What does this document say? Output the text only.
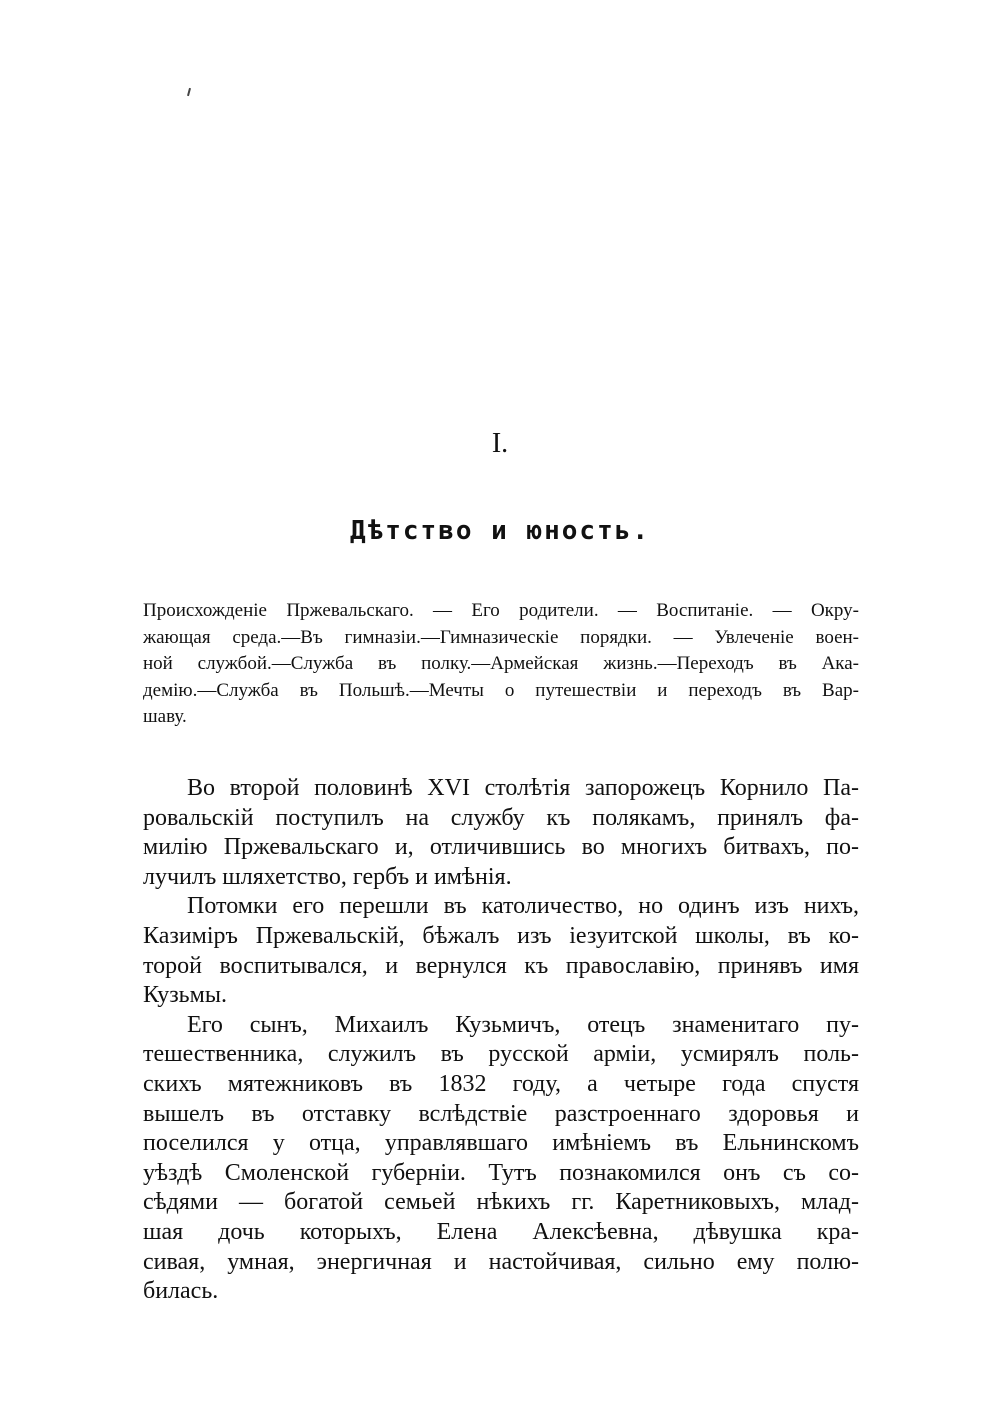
I.
Дѣтство и юность.
Происхожденіе Пржевальскаго. — Его родители. — Воспитаніе. — Окру-
жающая среда.—Въ гимназіи.—Гимназическіе порядки. — Увлеченіе воен-
ной службой.—Служба въ полку.—Армейская жизнь.—Переходъ въ Ака-
демію.—Служба въ Польшѣ.—Мечты о путешествіи и переходъ въ Вар-
шаву.

Во второй половинѣ XVI столѣтія запорожецъ Корнило Па-
ровальскій поступилъ на службу къ полякамъ, принялъ фа-
милію Пржевальскаго и, отличившись во многихъ битвахъ, по-
лучилъ шляхетство, гербъ и имѣнія.

Потомки его перешли въ католичество, но одинъ изъ нихъ,
Казиміръ Пржевальскій, бѣжалъ изъ іезуитской школы, въ ко-
торой воспитывался, и вернулся къ православію, принявъ имя
Кузьмы.

Его сынъ, Михаилъ Кузьмичъ, отецъ знаменитаго пу-
тешественника, служилъ въ русской арміи, усмирялъ поль-
скихъ мятежниковъ въ 1832 году, а четыре года спустя
вышелъ въ отставку вслѣдствіе разстроеннаго здоровья и
поселился у отца, управлявшаго имѣніемъ въ Ельнинскомъ
уѣздѣ Смоленской губерніи. Тутъ познакомился онъ съ со-
сѣдями — богатой семьей нѣкихъ гг. Каретниковыхъ, млад-
шая дочь которыхъ, Елена Алексѣевна, дѣвушка кра-
сивая, умная, энергичная и настойчивая, сильно ему полю-
билась.
